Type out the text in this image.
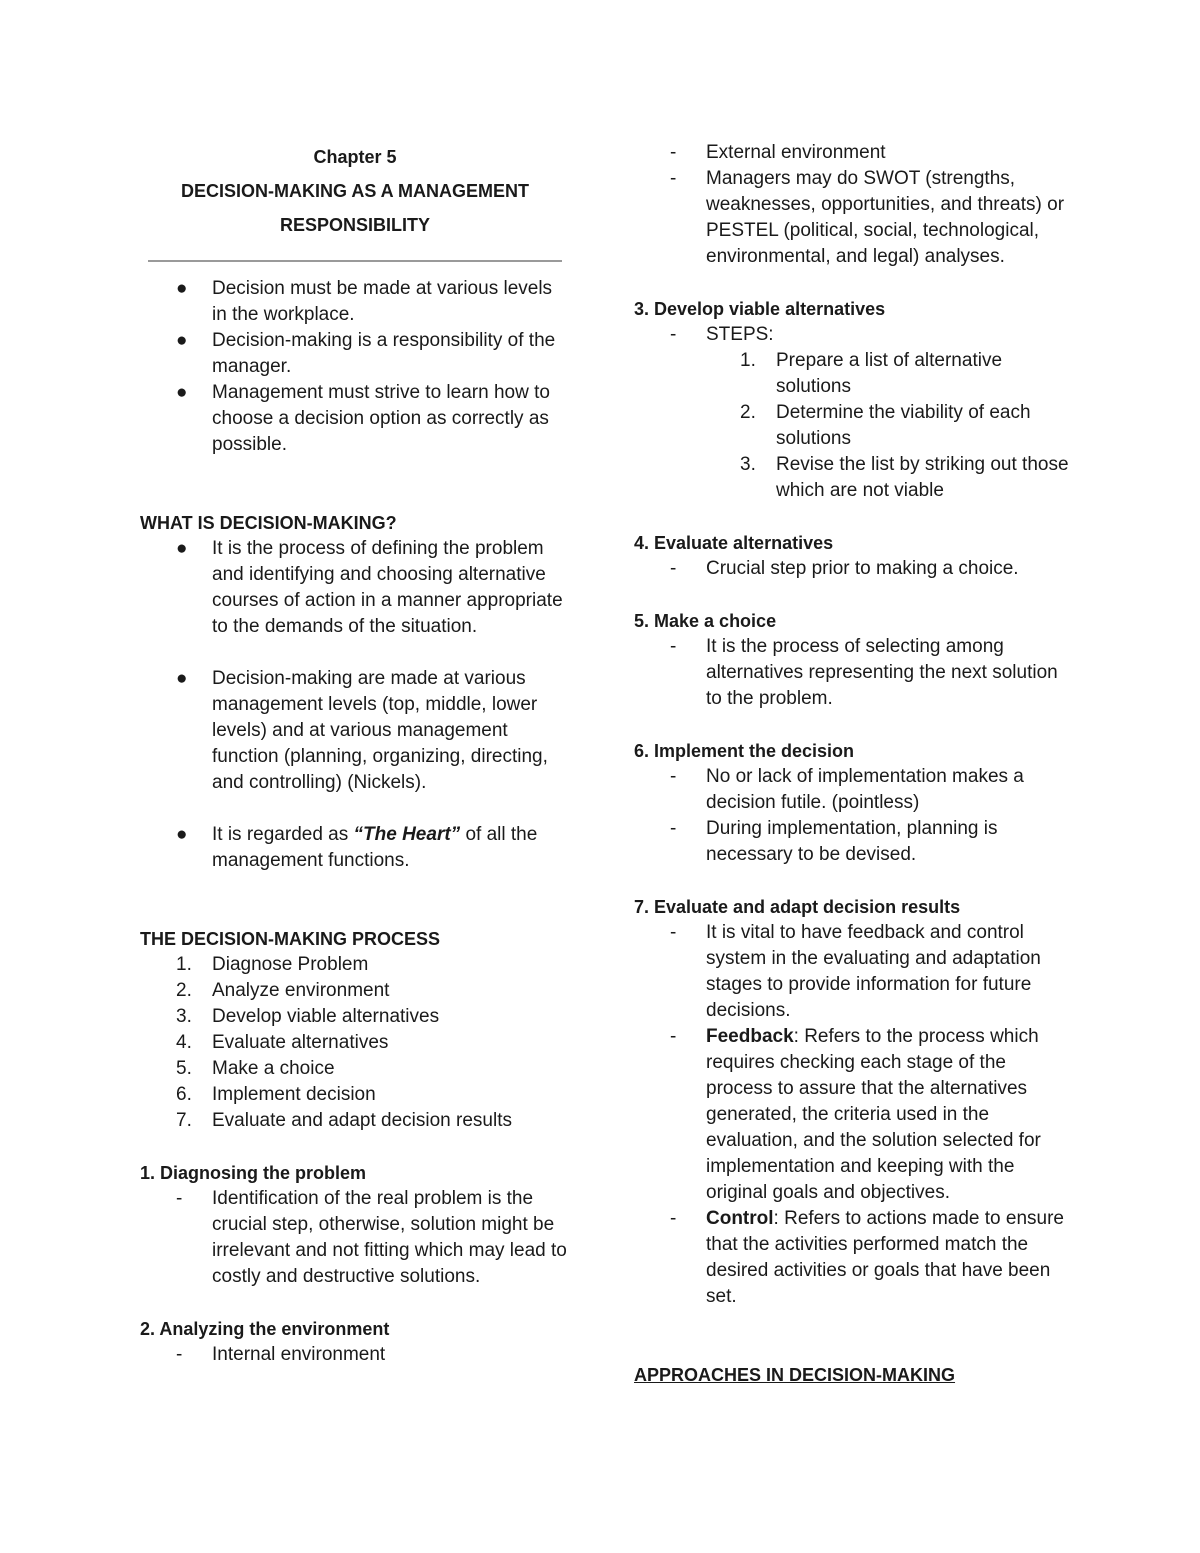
Chapter 5
DECISION-MAKING AS A MANAGEMENT
RESPONSIBILITY
● Decision must be made at various levels in the workplace.
● Decision-making is a responsibility of the manager.
● Management must strive to learn how to choose a decision option as correctly as possible.
WHAT IS DECISION-MAKING?
● It is the process of defining the problem and identifying and choosing alternative courses of action in a manner appropriate to the demands of the situation.
● Decision-making are made at various management levels (top, middle, lower levels) and at various management function (planning, organizing, directing, and controlling) (Nickels).
● It is regarded as “The Heart” of all the management functions.
THE DECISION-MAKING PROCESS
1. Diagnose Problem
2. Analyze environment
3. Develop viable alternatives
4. Evaluate alternatives
5. Make a choice
6. Implement decision
7. Evaluate and adapt decision results
1. Diagnosing the problem
- Identification of the real problem is the crucial step, otherwise, solution might be irrelevant and not fitting which may lead to costly and destructive solutions.
2. Analyzing the environment
- Internal environment
- External environment
- Managers may do SWOT (strengths, weaknesses, opportunities, and threats) or PESTEL (political, social, technological, environmental, and legal) analyses.
3. Develop viable alternatives
- STEPS:
1. Prepare a list of alternative solutions
2. Determine the viability of each solutions
3. Revise the list by striking out those which are not viable
4. Evaluate alternatives
- Crucial step prior to making a choice.
5. Make a choice
- It is the process of selecting among alternatives representing the next solution to the problem.
6. Implement the decision
- No or lack of implementation makes a decision futile. (pointless)
- During implementation, planning is necessary to be devised.
7. Evaluate and adapt decision results
- It is vital to have feedback and control system in the evaluating and adaptation stages to provide information for future decisions.
- Feedback: Refers to the process which requires checking each stage of the process to assure that the alternatives generated, the criteria used in the evaluation, and the solution selected for implementation and keeping with the original goals and objectives.
- Control: Refers to actions made to ensure that the activities performed match the desired activities or goals that have been set.
APPROACHES IN DECISION-MAKING
